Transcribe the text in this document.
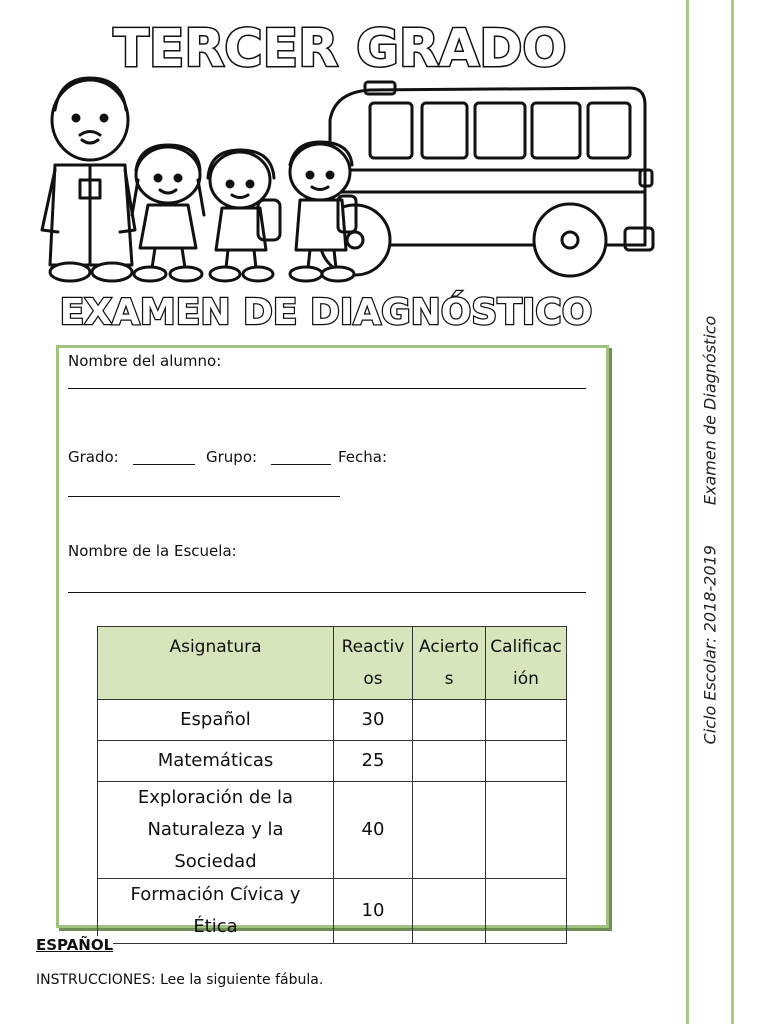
TERCER GRADO
EXAMEN DE DIAGNÓSTICO
Ciclo Escolar: 2018-2019Examen de Diagnóstico
Nombre del alumno:
Grado:	Grupo:	Fecha:
Nombre de la Escuela:
Asignatura	Reactivos	Aciertos	Calificación

Español	30		
Matemáticas	25		
Exploración de la Naturaleza y la Sociedad	40		
Formación Cívica y Ética	10		
ESPAÑOL
INSTRUCCIONES: Lee la siguiente fábula.
